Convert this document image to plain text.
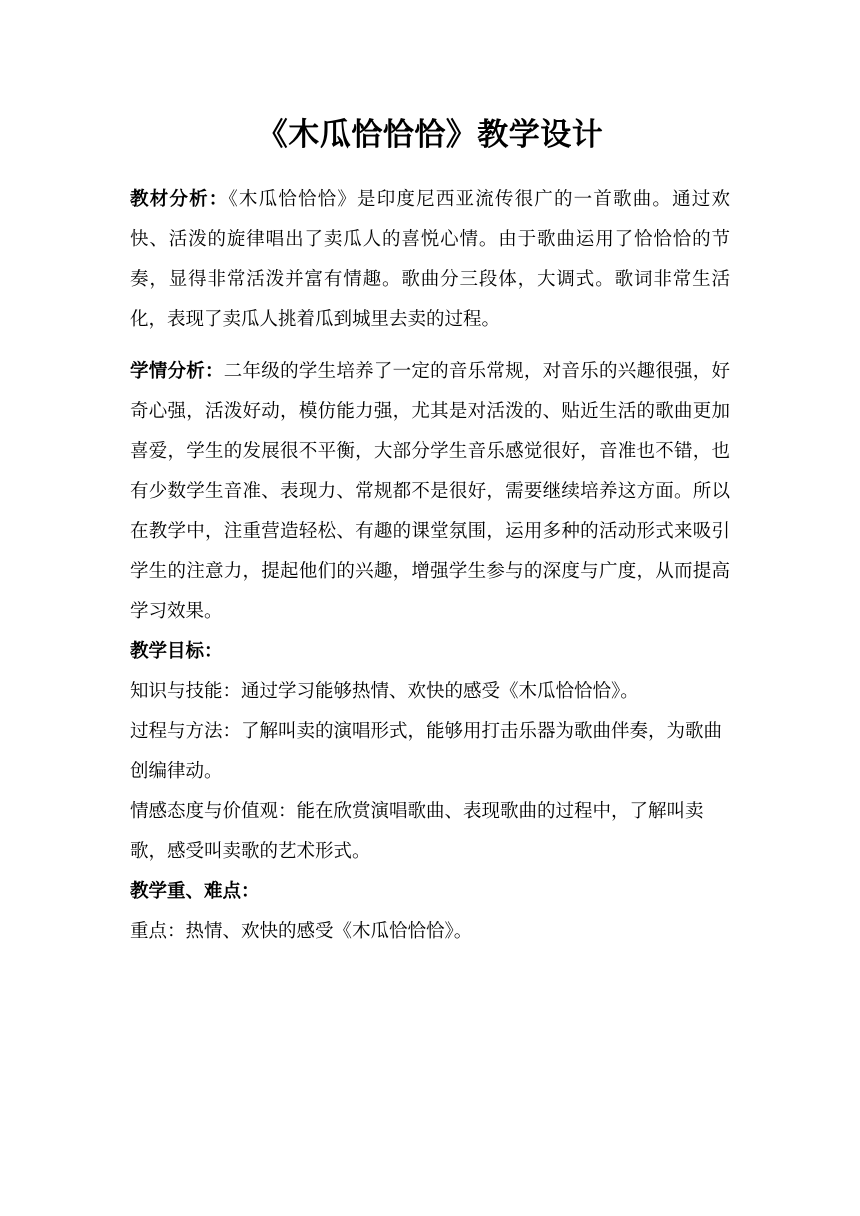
《木瓜恰恰恰》教学设计

教材分析：《木瓜恰恰恰》是印度尼西亚流传很广的一首歌曲。通过欢快、活泼的旋律唱出了卖瓜人的喜悦心情。由于歌曲运用了恰恰恰的节奏，显得非常活泼并富有情趣。歌曲分三段体，大调式。歌词非常生活化，表现了卖瓜人挑着瓜到城里去卖的过程。

学情分析：二年级的学生培养了一定的音乐常规，对音乐的兴趣很强，好奇心强，活泼好动，模仿能力强，尤其是对活泼的、贴近生活的歌曲更加喜爱，学生的发展很不平衡，大部分学生音乐感觉很好，音准也不错，也有少数学生音准、表现力、常规都不是很好，需要继续培养这方面。所以在教学中，注重营造轻松、有趣的课堂氛围，运用多种的活动形式来吸引学生的注意力，提起他们的兴趣，增强学生参与的深度与广度，从而提高学习效果。

教学目标：

知识与技能：通过学习能够热情、欢快的感受《木瓜恰恰恰》。

过程与方法：了解叫卖的演唱形式，能够用打击乐器为歌曲伴奏，为歌曲创编律动。

情感态度与价值观：能在欣赏演唱歌曲、表现歌曲的过程中，了解叫卖歌，感受叫卖歌的艺术形式。

教学重、难点：

重点：热情、欢快的感受《木瓜恰恰恰》。
